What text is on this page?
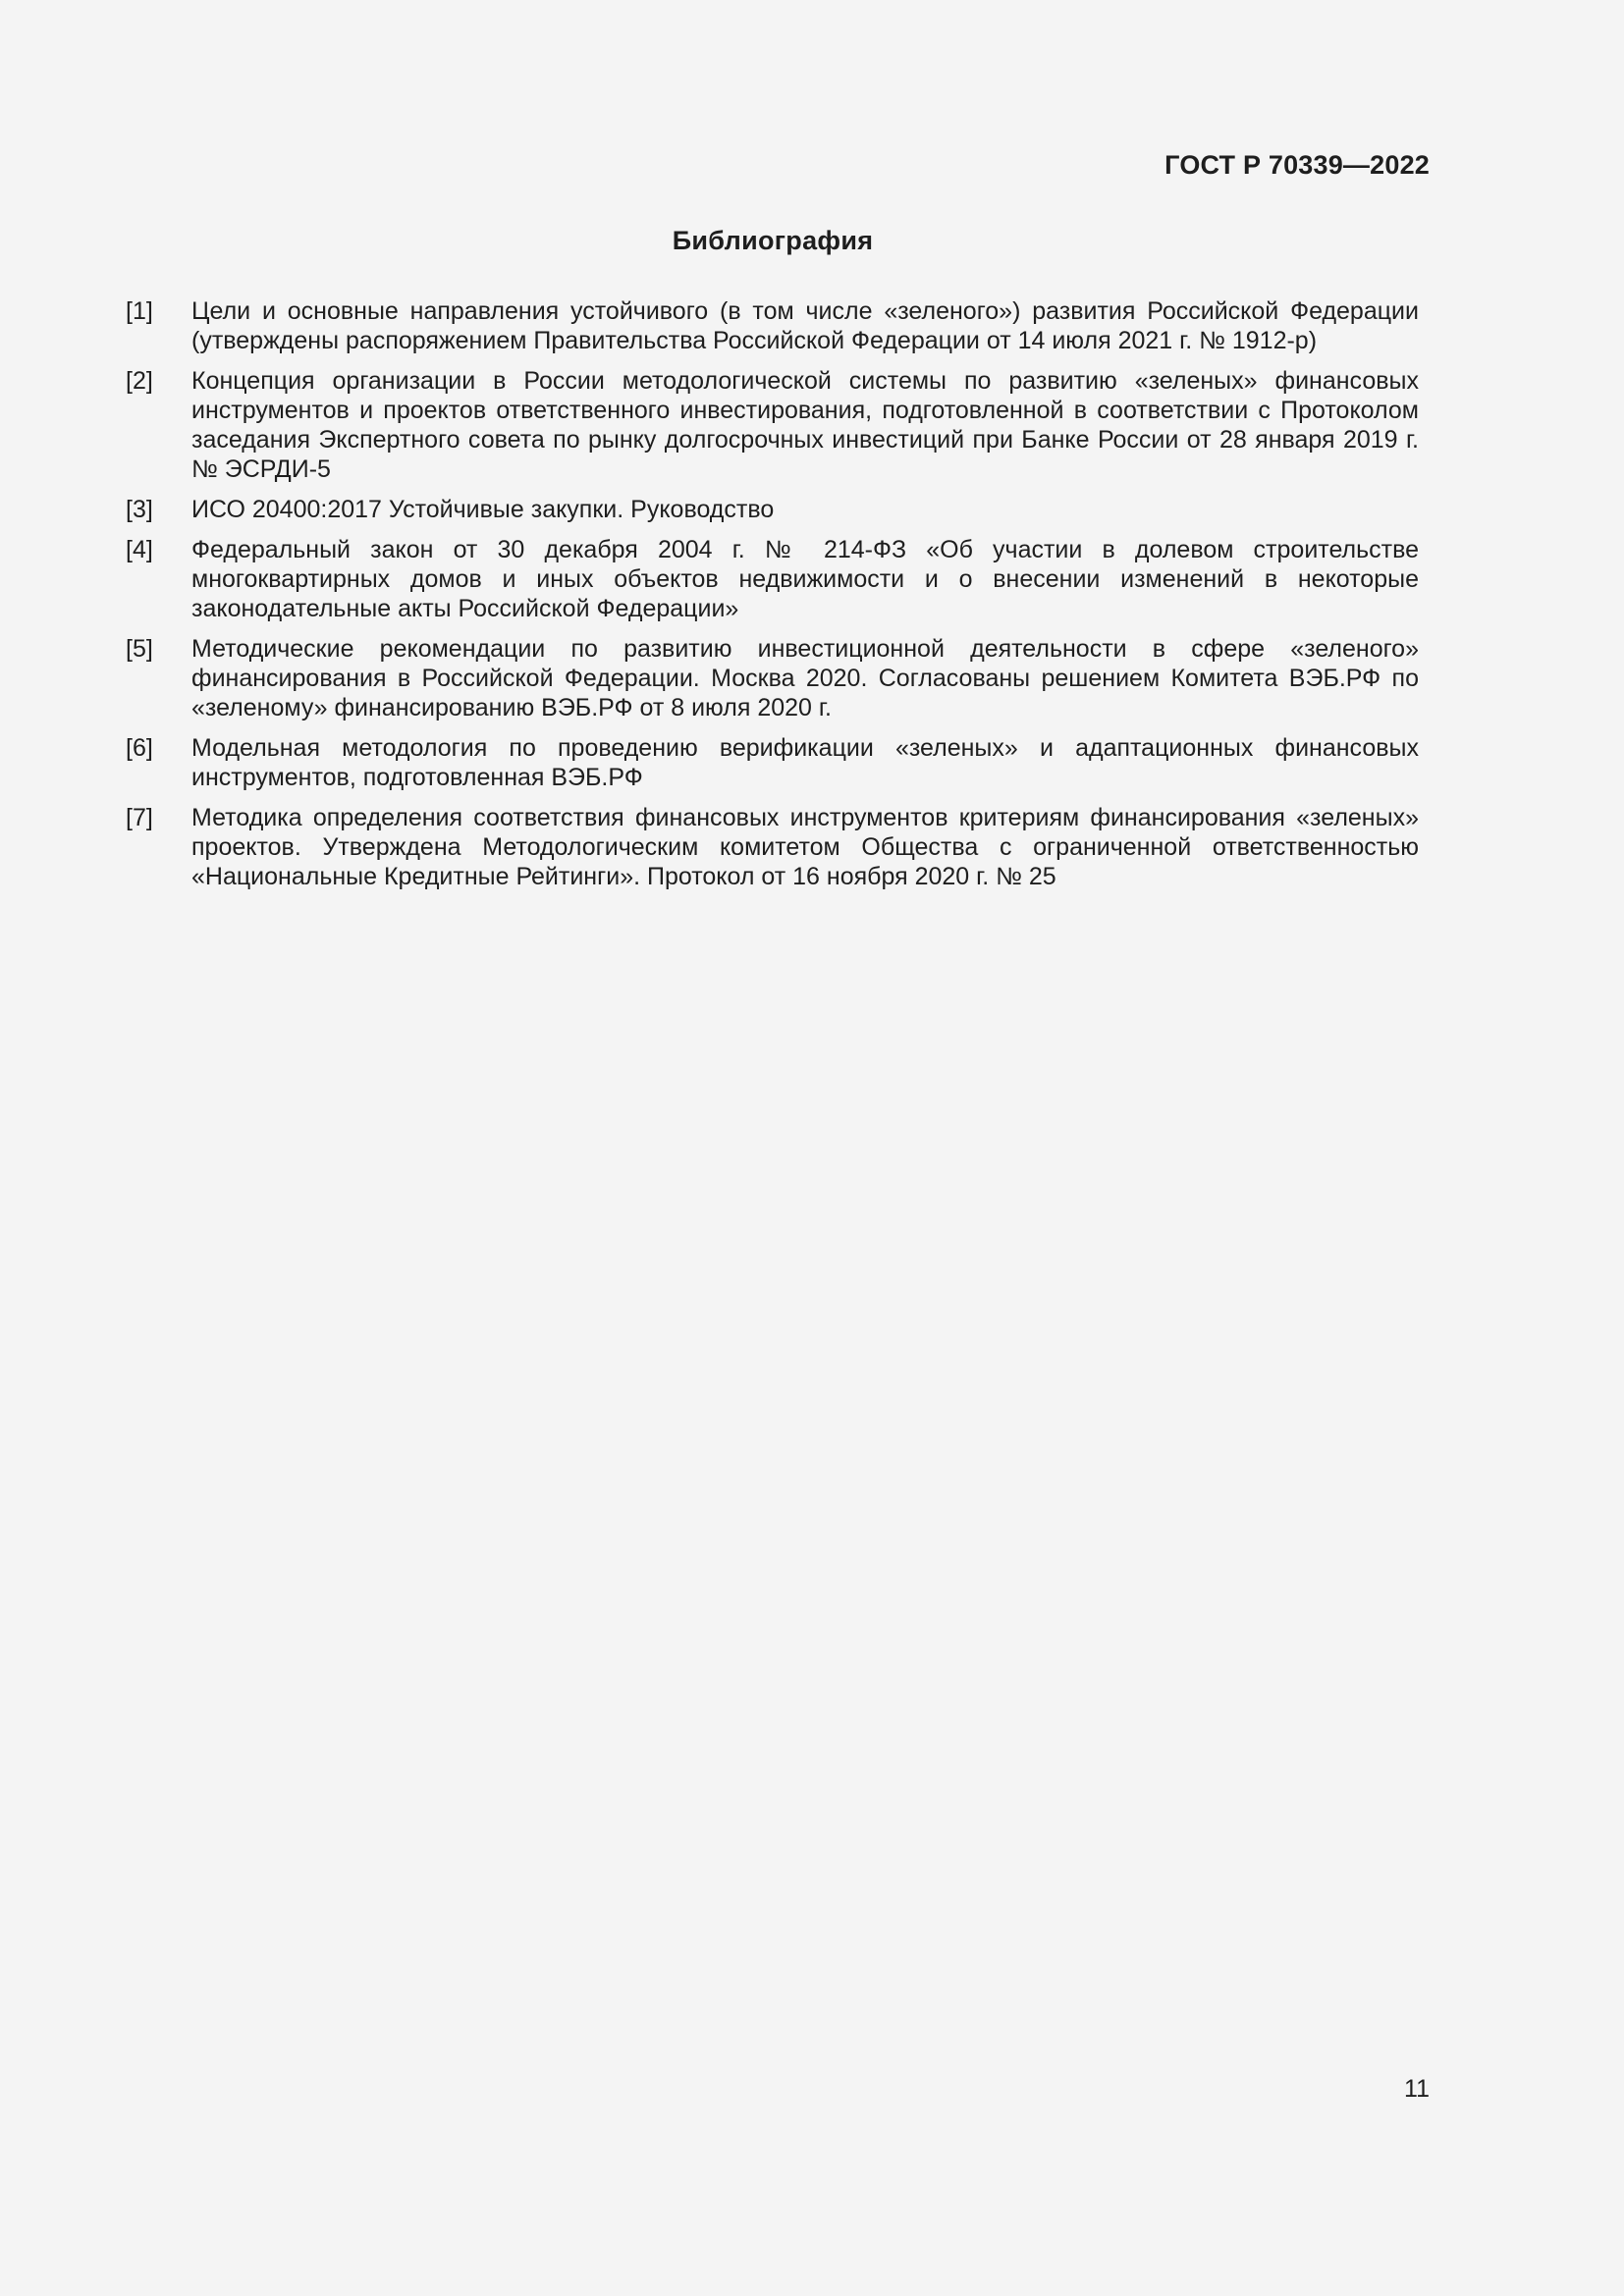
ГОСТ Р 70339—2022
Библиография
[1] Цели и основные направления устойчивого (в том числе «зеленого») развития Российской Федерации (утверждены распоряжением Правительства Российской Федерации от 14 июля 2021 г. № 1912-р)
[2] Концепция организации в России методологической системы по развитию «зеленых» финансовых инструментов и проектов ответственного инвестирования, подготовленной в соответствии с Протоколом заседания Экспертного совета по рынку долгосрочных инвестиций при Банке России от 28 января 2019 г. № ЭСРДИ-5
[3] ИСО 20400:2017 Устойчивые закупки. Руководство
[4] Федеральный закон от 30 декабря 2004 г. № 214-ФЗ «Об участии в долевом строительстве многоквартирных домов и иных объектов недвижимости и о внесении изменений в некоторые законодательные акты Российской Федерации»
[5] Методические рекомендации по развитию инвестиционной деятельности в сфере «зеленого» финансирования в Российской Федерации. Москва 2020. Согласованы решением Комитета ВЭБ.РФ по «зеленому» финансированию ВЭБ.РФ от 8 июля 2020 г.
[6] Модельная методология по проведению верификации «зеленых» и адаптационных финансовых инструментов, подготовленная ВЭБ.РФ
[7] Методика определения соответствия финансовых инструментов критериям финансирования «зеленых» проектов. Утверждена Методологическим комитетом Общества с ограниченной ответственностью «Национальные Кредитные Рейтинги». Протокол от 16 ноября 2020 г. № 25
11
